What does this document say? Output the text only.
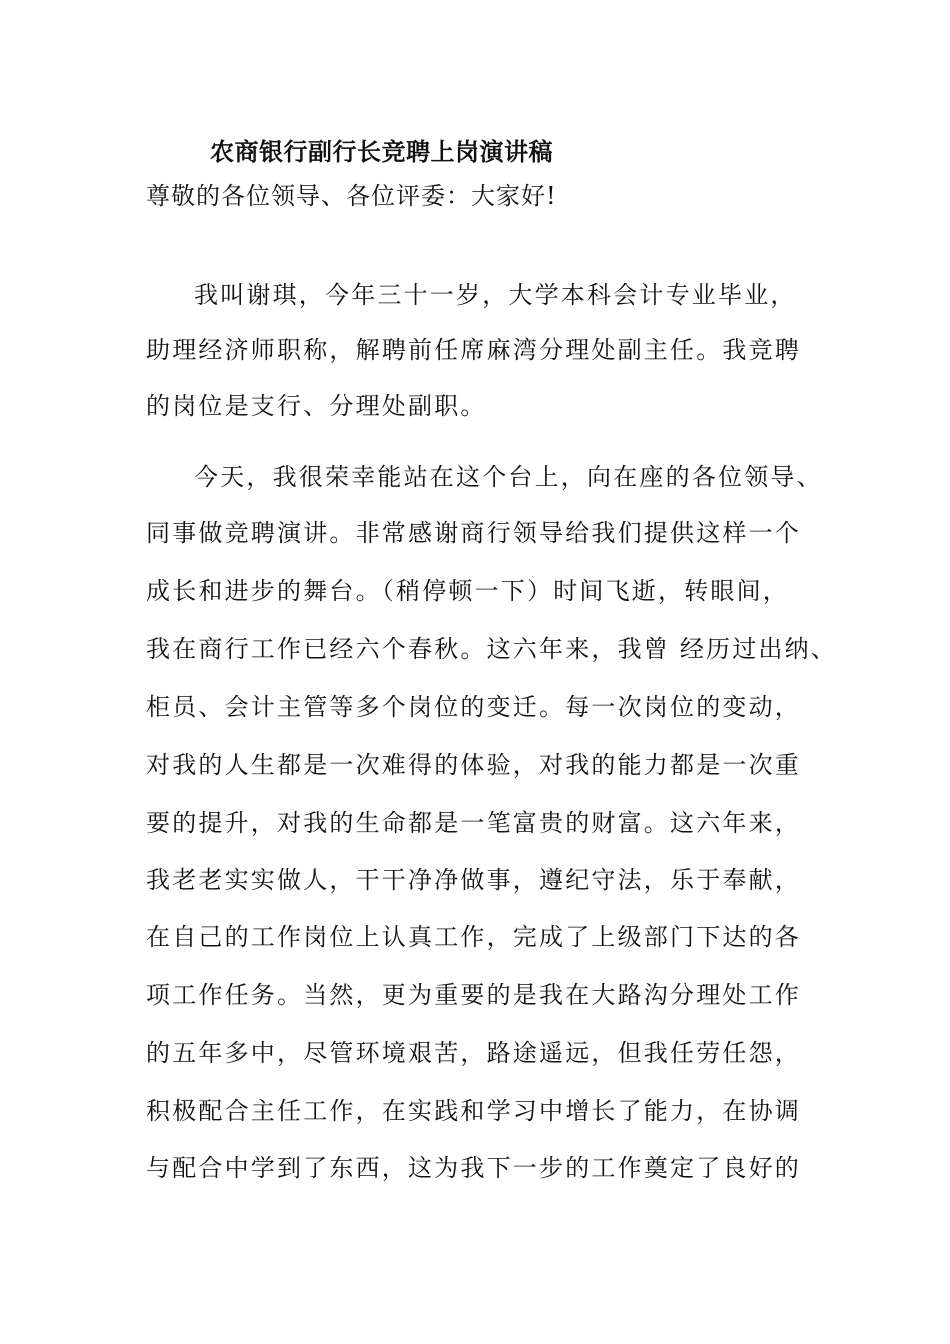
农商银行副行长竞聘上岗演讲稿
尊敬的各位领导、各位评委：大家好!
我叫谢琪，今年三十一岁，大学本科会计专业毕业，
助理经济师职称，解聘前任席麻湾分理处副主任。我竞聘
的岗位是支行、分理处副职。
今天，我很荣幸能站在这个台上，向在座的各位领导、
同事做竞聘演讲。非常感谢商行领导给我们提供这样一个
成长和进步的舞台。（稍停顿一下）时间飞逝，转眼间，
我在商行工作已经六个春秋。这六年来，我曾 经历过出纳、
柜员、会计主管等多个岗位的变迁。每一次岗位的变动，
对我的人生都是一次难得的体验，对我的能力都是一次重
要的提升，对我的生命都是一笔富贵的财富。这六年来，
我老老实实做人，干干净净做事，遵纪守法，乐于奉献，
在自己的工作岗位上认真工作，完成了上级部门下达的各
项工作任务。当然，更为重要的是我在大路沟分理处工作
的五年多中，尽管环境艰苦，路途遥远，但我任劳任怨，
积极配合主任工作，在实践和学习中增长了能力，在协调
与配合中学到了东西，这为我下一步的工作奠定了良好的
